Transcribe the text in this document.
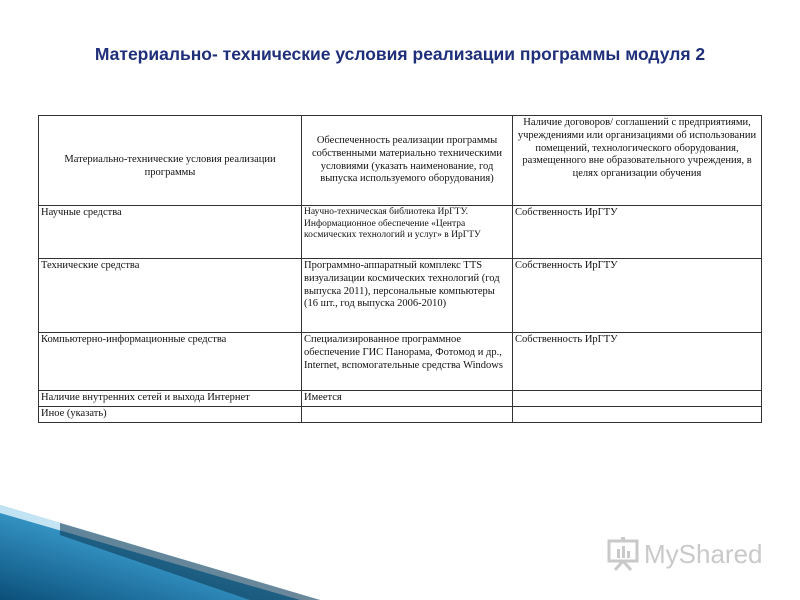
Материально- технические условия реализации программы модуля 2
Материально-технические условия реализации программы	Обеспеченность реализации программы собственными материально техническими условиями (указать наименование, год выпуска используемого оборудования)	Наличие договоров/ соглашений с предприятиями, учреждениями или организациями об использовании помещений, технологического оборудования, размещенного вне образовательного учреждения, в целях организации обучения
Научные средства	Научно-техническая библиотека ИрГТУ. Информационное обеспечение «Центра космических технологий и услуг» в ИрГТУ	Собственность ИрГТУ
Технические средства	Программно-аппаратный комплекс TTS визуализации космических технологий (год выпуска 2011), персональные компьютеры (16 шт., год выпуска 2006-2010)	Собственность ИрГТУ
Компьютерно-информационные средства	Специализированное программное обеспечение ГИС Панорама, Фотомод и др., Internet, вспомогательные средства Windows	Собственность ИрГТУ
Наличие внутренних сетей и выхода Интернет	Имеется	
Иное (указать)		
MyShared
